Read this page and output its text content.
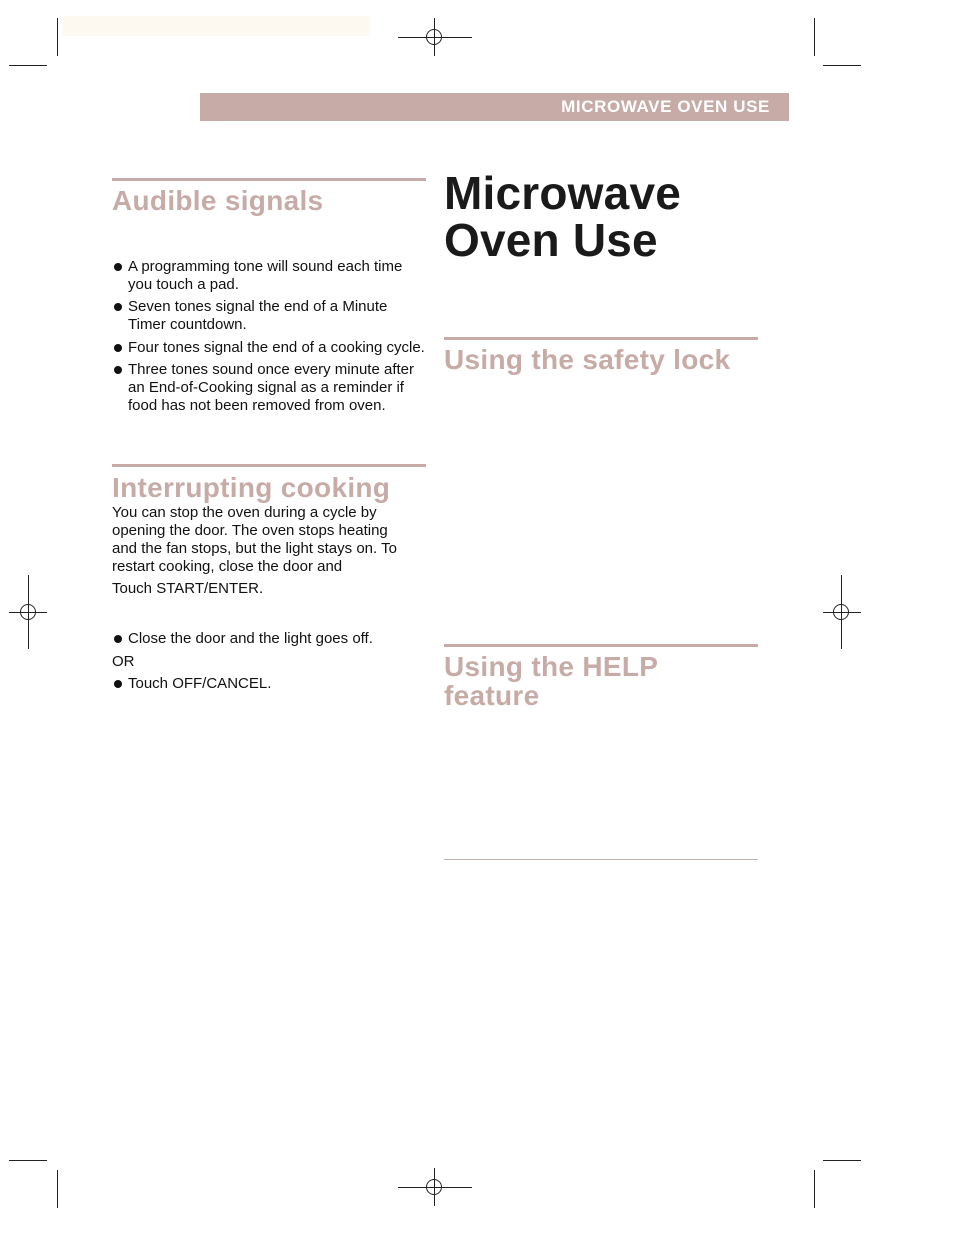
MICROWAVE OVEN USE
Audible signals
A programming tone will sound each time you touch a pad.
Seven tones signal the end of a Minute Timer countdown.
Four tones signal the end of a cooking cycle.
Three tones sound once every minute after an End-of-Cooking signal as a reminder if food has not been removed from oven.
Interrupting cooking

You can stop the oven during a cycle by opening the door. The oven stops heating and the fan stops, but the light stays on. To restart cooking, close the door and

Touch START/ENTER.

Close the door and the light goes off.

OR

Touch OFF/CANCEL.
Microwave Oven Use
Using the safety lock
Using the HELP feature
